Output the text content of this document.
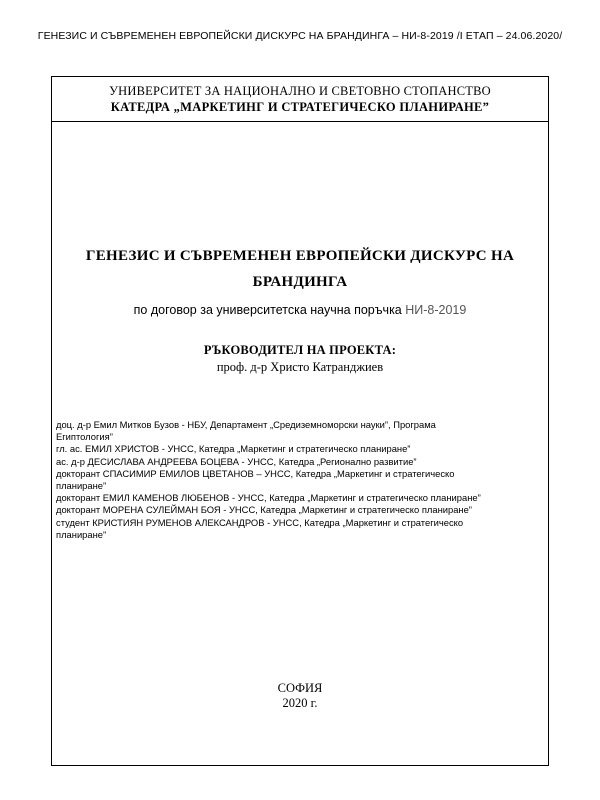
ГЕНЕЗИС И СЪВРЕМЕНЕН ЕВРОПЕЙСКИ ДИСКУРС НА БРАНДИНГА – НИ-8-2019 /I ЕТАП – 24.06.2020/
УНИВЕРСИТЕТ ЗА НАЦИОНАЛНО И СВЕТОВНО СТОПАНСТВО
КАТЕДРА „МАРКЕТИНГ И СТРАТЕГИЧЕСКО ПЛАНИРАНЕ”
ГЕНЕЗИС И СЪВРЕМЕНЕН ЕВРОПЕЙСКИ ДИСКУРС НА
БРАНДИНГА
по договор за университетска научна поръчка НИ-8-2019
РЪКОВОДИТЕЛ НА ПРОЕКТА:
проф. д-р Христо Катранджиев
доц. д-р Емил Митков Бузов - НБУ, Департамент „Средиземноморски науки”, Програма
Египтология”
гл. ас. ЕМИЛ ХРИСТОВ - УНСС, Катедра „Маркетинг и стратегическо планиране”
ас. д-р ДЕСИСЛАВА АНДРЕЕВА БОЦЕВА - УНСС, Катедра „Регионално развитие”
докторант СПАСИМИР ЕМИЛОВ ЦВЕТАНОВ – УНСС, Катедра „Маркетинг и стратегическо
планиране”
докторант ЕМИЛ КАМЕНОВ ЛЮБЕНОВ - УНСС, Катедра „Маркетинг и стратегическо планиране”
докторант МОРЕНА СУЛЕЙМАН БОЯ - УНСС, Катедра „Маркетинг и стратегическо планиране”
студент КРИСТИЯН РУМЕНОВ АЛЕКСАНДРОВ - УНСС, Катедра „Маркетинг и стратегическо
планиране”
СОФИЯ
2020 г.
